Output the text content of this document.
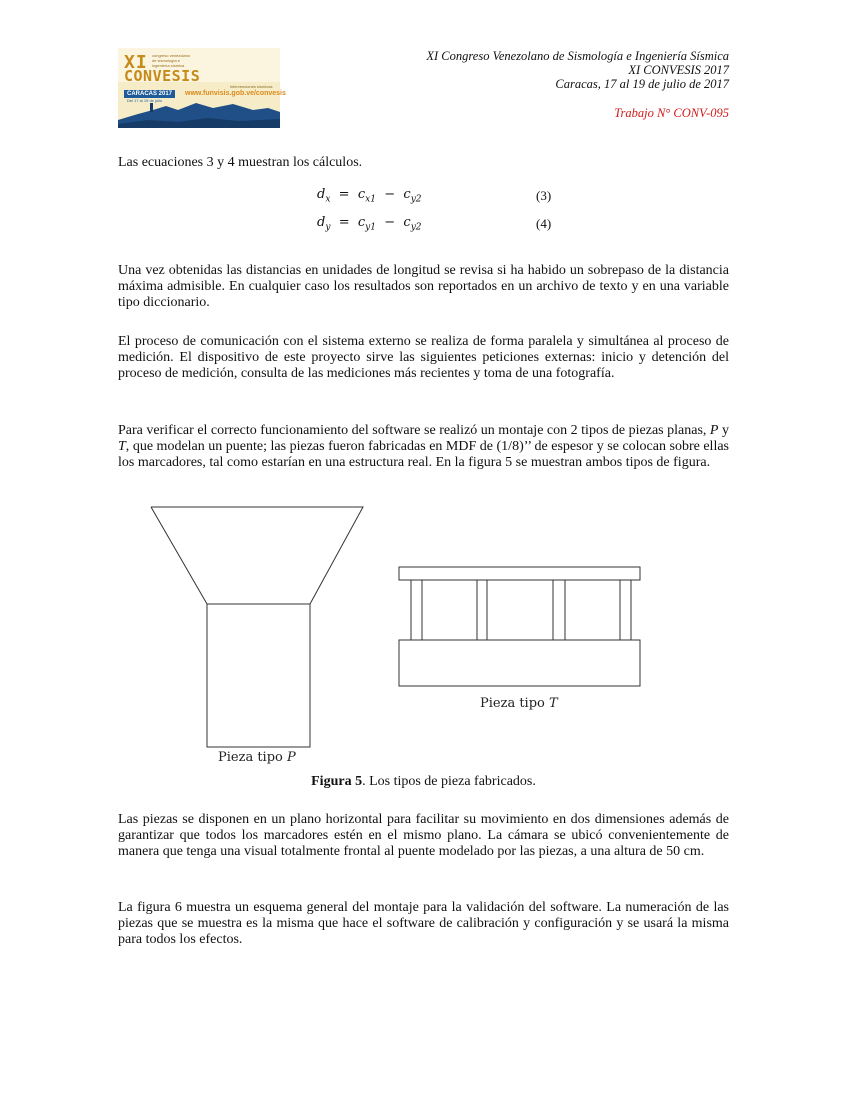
XI congreso venezolano de sismología e ingeniería sísmica
CONVESIS
intervenciones sísmicas
CARACAS 2017
Del 17 al 19 de julio
www.funvisis.gob.ve/convesis
XI Congreso Venezolano de Sismología e Ingeniería Sísmica
XI CONVESIS 2017
Caracas, 17 al 19 de julio de 2017
Trabajo N° CONV-095

Las ecuaciones 3 y 4 muestran los cálculos.

$d_x = c_{x1} - c_{y2}$	(3)
$d_y = c_{y1} - c_{y2}$	(4)

Una vez obtenidas las distancias en unidades de longitud se revisa si ha habido un sobrepaso de la distancia máxima admisible. En cualquier caso los resultados son reportados en un archivo de texto y en una variable tipo diccionario.

El proceso de comunicación con el sistema externo se realiza de forma paralela y simultánea al proceso de medición. El dispositivo de este proyecto sirve las siguientes peticiones externas: inicio y detención del proceso de medición, consulta de las mediciones más recientes y toma de una fotografía.

Para verificar el correcto funcionamiento del software se realizó un montaje con 2 tipos de piezas planas, P y T, que modelan un puente; las piezas fueron fabricadas en MDF de (1/8)’’ de espesor y se colocan sobre ellas los marcadores, tal como estarían en una estructura real. En la figura 5 se muestran ambos tipos de figura.

Pieza tipo P
Pieza tipo T
Figura 5. Los tipos de pieza fabricados.

Las piezas se disponen en un plano horizontal para facilitar su movimiento en dos dimensiones además de garantizar que todos los marcadores estén en el mismo plano. La cámara se ubicó convenientemente de manera que tenga una visual totalmente frontal al puente modelado por las piezas, a una altura de 50 cm.

La figura 6 muestra un esquema general del montaje para la validación del software. La numeración de las piezas que se muestra es la misma que hace el software de calibración y configuración y se usará la misma para todos los efectos.
